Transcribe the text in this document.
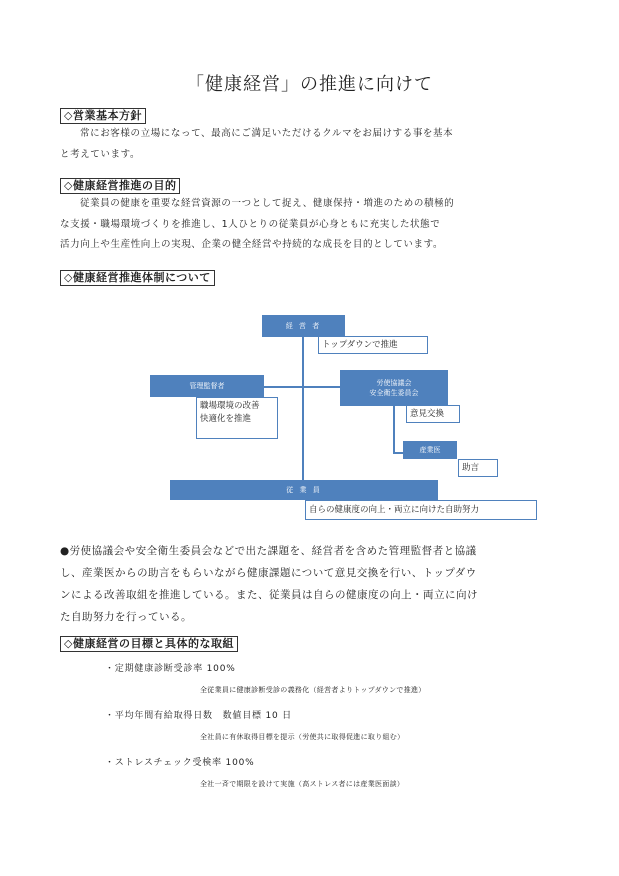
「健康経営」の推進に向けて
◇営業基本方針
常にお客様の立場になって、最高にご満足いただけるクルマをお届けする事を基本
と考えています。
◇健康経営推進の目的
従業員の健康を重要な経営資源の一つとして捉え、健康保持・増進のための積極的
な支援・職場環境づくりを推進し、1人ひとりの従業員が心身ともに充実した状態で
活力向上や生産性向上の実現、企業の健全経営や持続的な成長を目的としています。
◇健康経営推進体制について
経 営 者
トップダウンで推進
管理監督者
職場環境の改善
快適化を推進
労使協議会
安全衛生委員会
意見交換
産業医
助言
従 業 員
自らの健康度の向上・両立に向けた自助努力
●労使協議会や安全衛生委員会などで出た課題を、経営者を含めた管理監督者と協議
し、産業医からの助言をもらいながら健康課題について意見交換を行い、トップダウ
ンによる改善取組を推進している。また、従業員は自らの健康度の向上・両立に向け
た自助努力を行っている。
◇健康経営の目標と具体的な取組
・定期健康診断受診率 100%
全従業員に健康診断受診の義務化（経営者よりトップダウンで推進）
・平均年間有給取得日数　数値目標 10 日
全社員に有休取得目標を提示（労使共に取得促進に取り組む）
・ストレスチェック受検率 100%
全社一斉で期限を設けて実施（高ストレス者には産業医面談）
